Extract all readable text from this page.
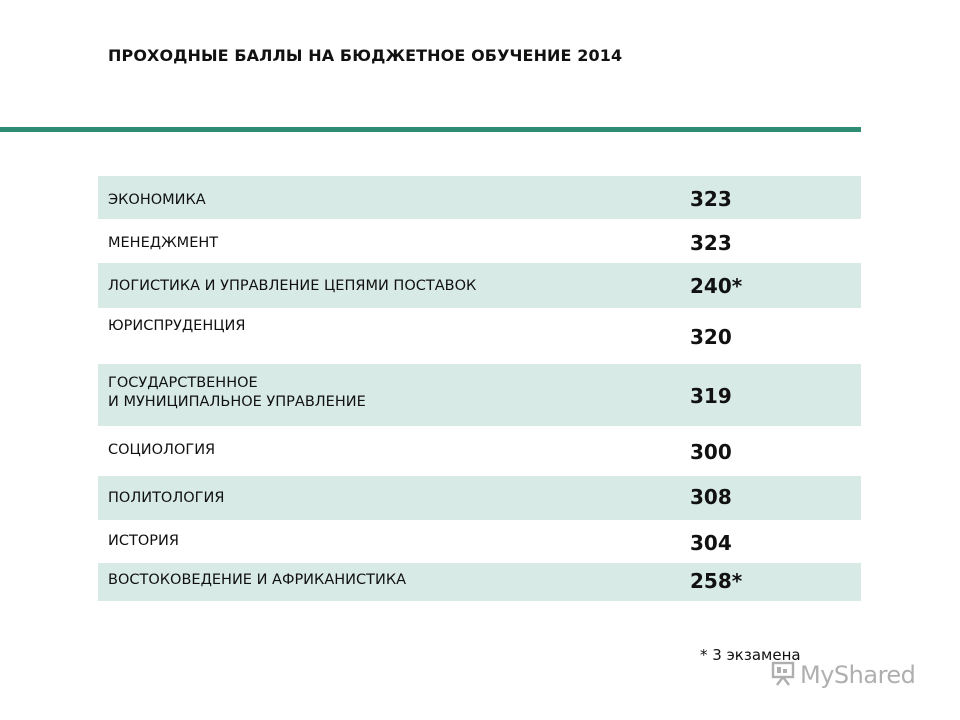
ПРОХОДНЫЕ БАЛЛЫ НА БЮДЖЕТНОЕ ОБУЧЕНИЕ 2014
ЭКОНОМИКА	323
МЕНЕДЖМЕНТ	323
ЛОГИСТИКА И УПРАВЛЕНИЕ ЦЕПЯМИ ПОСТАВОК	240*
ЮРИСПРУДЕНЦИЯ	320
ГОСУДАРСТВЕННОЕ
И МУНИЦИПАЛЬНОЕ УПРАВЛЕНИЕ	319
СОЦИОЛОГИЯ	300
ПОЛИТОЛОГИЯ	308
ИСТОРИЯ	304
ВОСТОКОВЕДЕНИЕ И АФРИКАНИСТИКА	258*
* 3 экзамена
MyShared
